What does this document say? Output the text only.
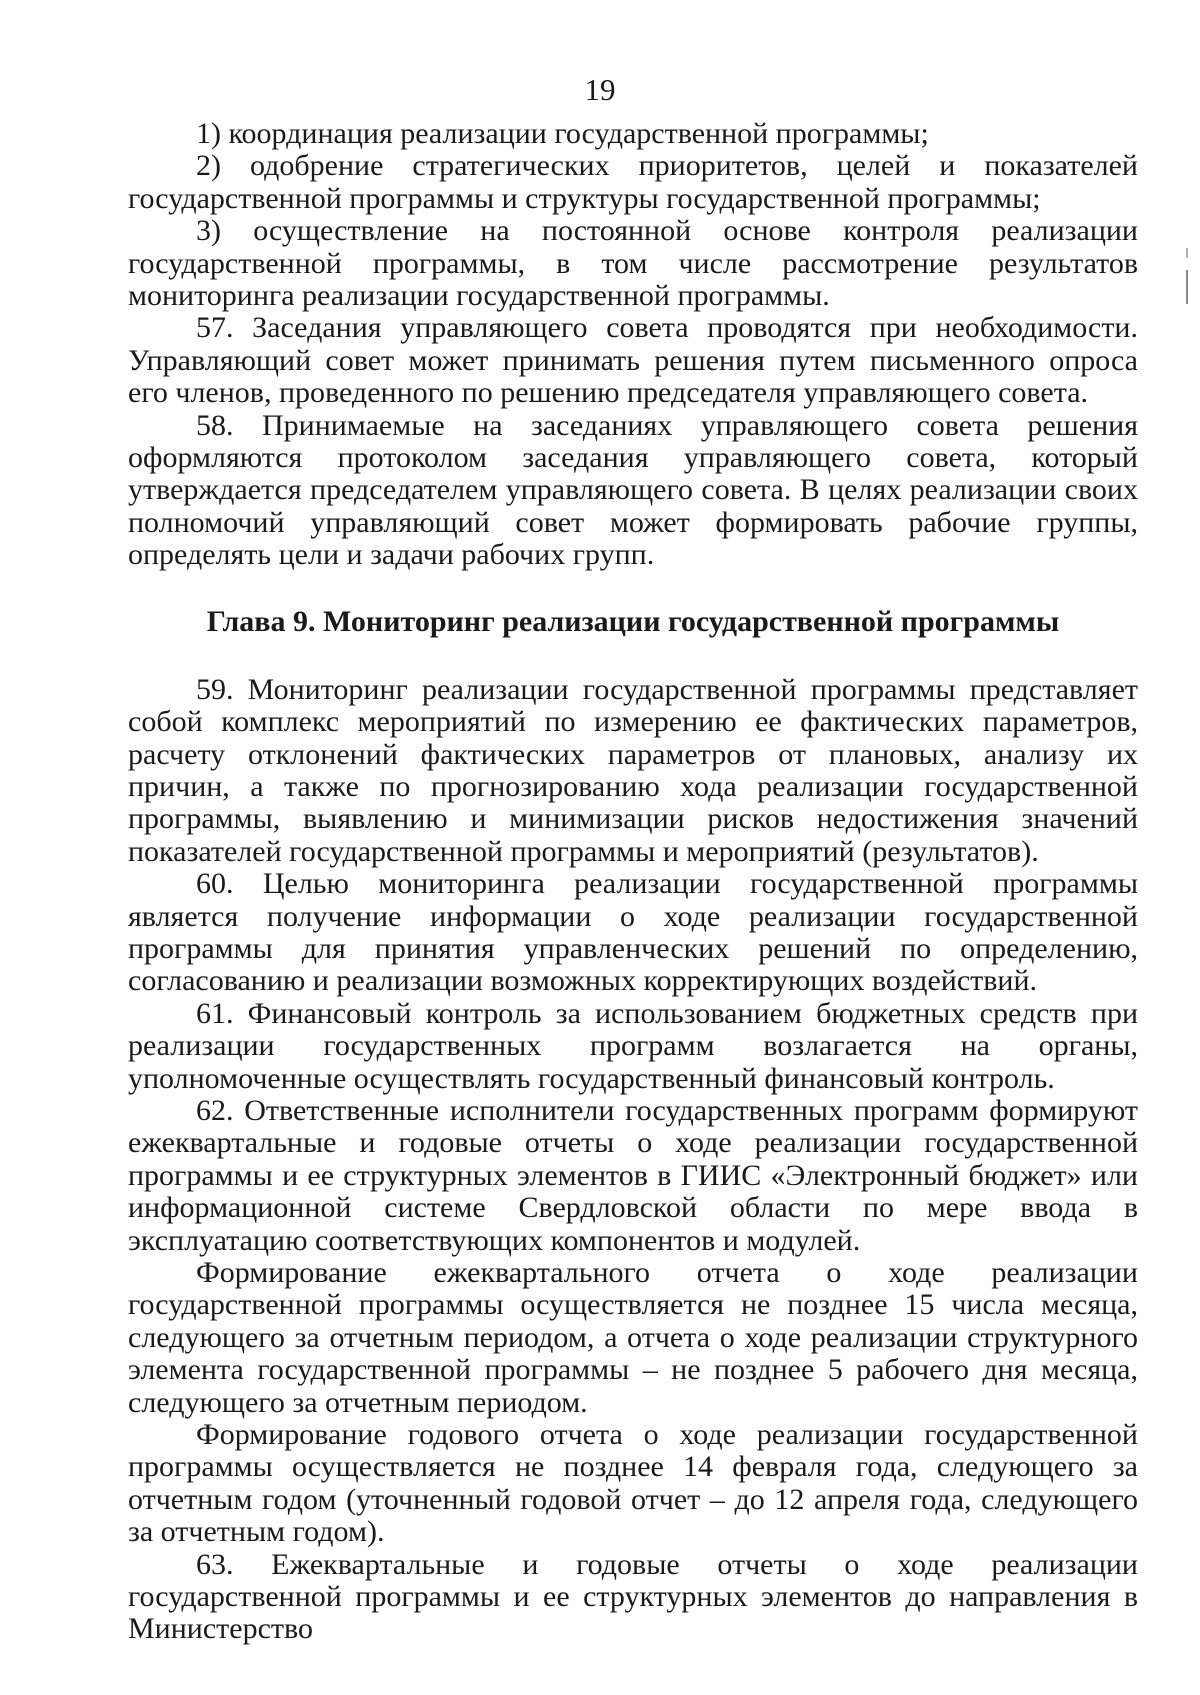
19

1) координация реализации государственной программы;

2) одобрение стратегических приоритетов, целей и показателей государственной программы и структуры государственной программы;

3) осуществление на постоянной основе контроля реализации государственной программы, в том числе рассмотрение результатов мониторинга реализации государственной программы.

57. Заседания управляющего совета проводятся при необходимости. Управляющий совет может принимать решения путем письменного опроса его членов, проведенного по решению председателя управляющего совета.

58. Принимаемые на заседаниях управляющего совета решения оформляются протоколом заседания управляющего совета, который утверждается председателем управляющего совета. В целях реализации своих полномочий управляющий совет может формировать рабочие группы, определять цели и задачи рабочих групп.

Глава 9. Мониторинг реализации государственной программы

59. Мониторинг реализации государственной программы представляет собой комплекс мероприятий по измерению ее фактических параметров, расчету отклонений фактических параметров от плановых, анализу их причин, а также по прогнозированию хода реализации государственной программы, выявлению и минимизации рисков недостижения значений показателей государственной программы и мероприятий (результатов).

60. Целью мониторинга реализации государственной программы является получение информации о ходе реализации государственной программы для принятия управленческих решений по определению, согласованию и реализации возможных корректирующих воздействий.

61. Финансовый контроль за использованием бюджетных средств при реализации государственных программ возлагается на органы, уполномоченные осуществлять государственный финансовый контроль.

62. Ответственные исполнители государственных программ формируют ежеквартальные и годовые отчеты о ходе реализации государственной программы и ее структурных элементов в ГИИС «Электронный бюджет» или информационной системе Свердловской области по мере ввода в эксплуатацию соответствующих компонентов и модулей.

Формирование ежеквартального отчета о ходе реализации государственной программы осуществляется не позднее 15 числа месяца, следующего за отчетным периодом, а отчета о ходе реализации структурного элемента государственной программы – не позднее 5 рабочего дня месяца, следующего за отчетным периодом.

Формирование годового отчета о ходе реализации государственной программы осуществляется не позднее 14 февраля года, следующего за отчетным годом (уточненный годовой отчет – до 12 апреля года, следующего за отчетным годом).

63. Ежеквартальные и годовые отчеты о ходе реализации государственной программы и ее структурных элементов до направления в Министерство
